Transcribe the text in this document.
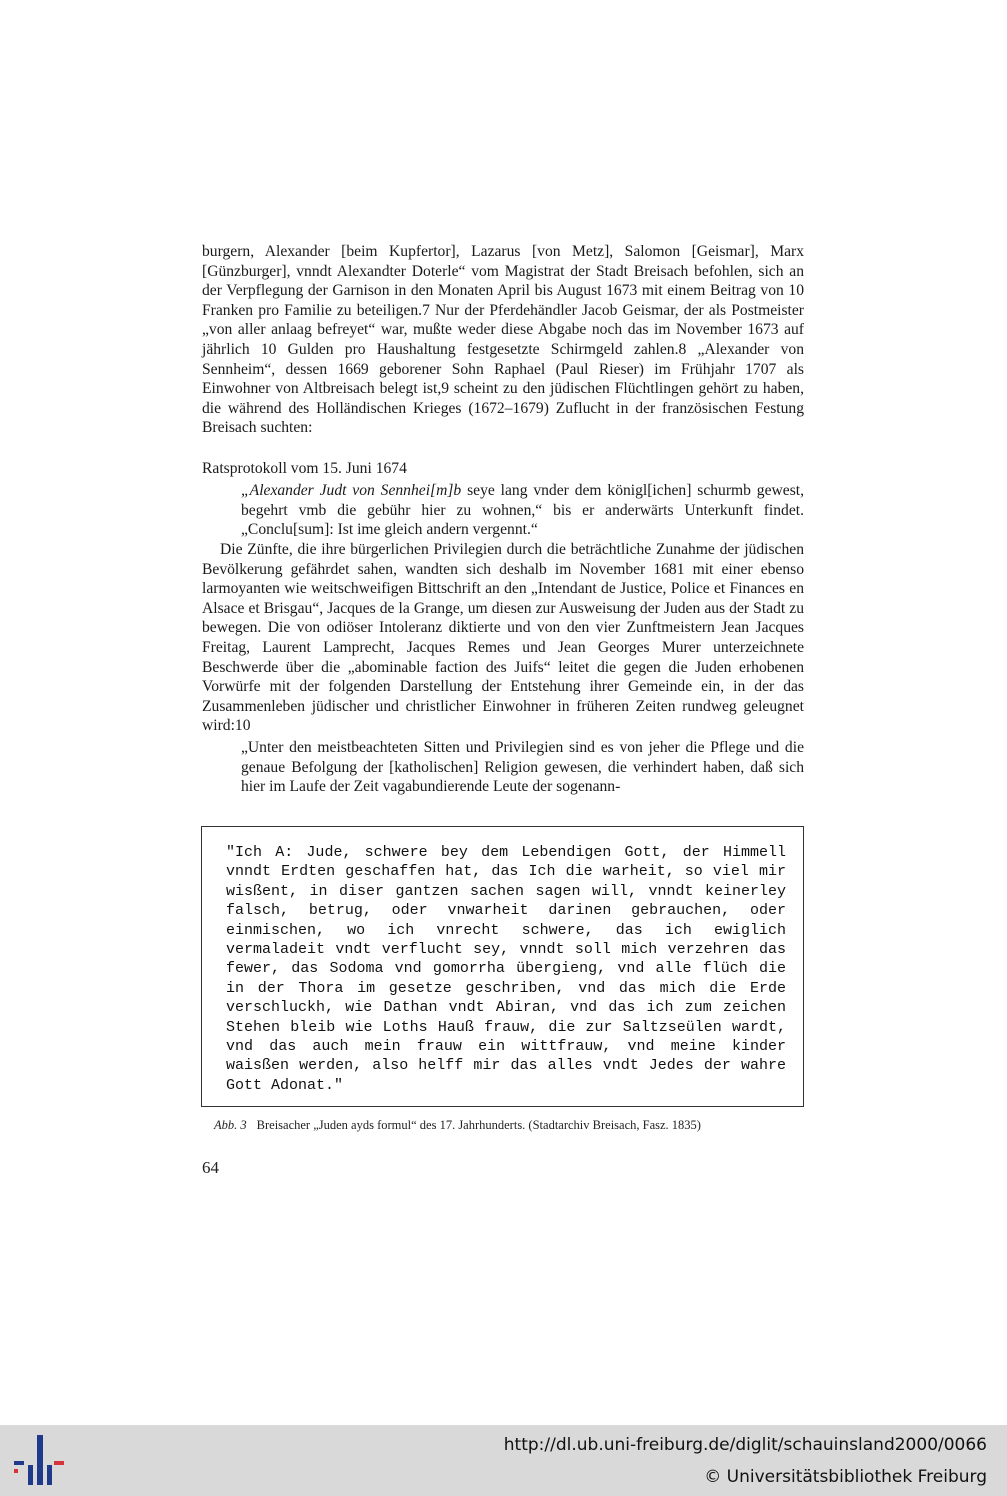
burgern, Alexander [beim Kupfertor], Lazarus [von Metz], Salomon [Geismar], Marx [Günzburger], vnndt Alexandter Doterle“ vom Magistrat der Stadt Breisach befohlen, sich an der Verpflegung der Garnison in den Monaten April bis August 1673 mit einem Beitrag von 10 Franken pro Familie zu beteiligen.7 Nur der Pferdehändler Jacob Geismar, der als Postmeister „von aller anlaag befreyet“ war, mußte weder diese Abgabe noch das im November 1673 auf jährlich 10 Gulden pro Haushaltung festgesetzte Schirmgeld zahlen.8 „Alexander von Sennheim“, dessen 1669 geborener Sohn Raphael (Paul Rieser) im Frühjahr 1707 als Einwohner von Altbreisach belegt ist,9 scheint zu den jüdischen Flüchtlingen gehört zu haben, die während des Holländischen Krieges (1672–1679) Zuflucht in der französischen Festung Breisach suchten:

Ratsprotokoll vom 15. Juni 1674
„Alexander Judt von Sennhei[m]b seye lang vnder dem königl[ichen] schurmb gewest, begehrt vmb die gebühr hier zu wohnen,“ bis er anderwärts Unterkunft findet. „Conclu[sum]: Ist ime gleich andern vergennt.“

Die Zünfte, die ihre bürgerlichen Privilegien durch die beträchtliche Zunahme der jüdischen Bevölkerung gefährdet sahen, wandten sich deshalb im November 1681 mit einer ebenso larmoyanten wie weitschweifigen Bittschrift an den „Intendant de Justice, Police et Finances en Alsace et Brisgau“, Jacques de la Grange, um diesen zur Ausweisung der Juden aus der Stadt zu bewegen. Die von odiöser Intoleranz diktierte und von den vier Zunftmeistern Jean Jacques Freitag, Laurent Lamprecht, Jacques Remes und Jean Georges Murer unterzeichnete Beschwerde über die „abominable faction des Juifs“ leitet die gegen die Juden erhobenen Vorwürfe mit der folgenden Darstellung der Entstehung ihrer Gemeinde ein, in der das Zusammenleben jüdischer und christlicher Einwohner in früheren Zeiten rundweg geleugnet wird:10

„Unter den meistbeachteten Sitten und Privilegien sind es von jeher die Pflege und die genaue Befolgung der [katholischen] Religion gewesen, die verhindert haben, daß sich hier im Laufe der Zeit vagabundierende Leute der sogenann-
"Ich A: Jude, schwere bey dem Lebendigen Gott, der Himmell vnndt Erdten geschaffen hat, das Ich die warheit, so viel mir wisßent, in diser gantzen sachen sagen will, vnndt keinerley falsch, betrug, oder vnwarheit darinen gebrauchen, oder einmischen, wo ich vnrecht schwere, das ich ewiglich vermaladeit vndt verflucht sey, vnndt soll mich verzehren das fewer, das Sodoma vnd gomorrha übergieng, vnd alle flüch die in der Thora im gesetze geschriben, vnd das mich die Erde verschluckh, wie Dathan vndt Abiran, vnd das ich zum zeichen Stehen bleib wie Loths Hauß frauw, die zur Saltzseülen wardt, vnd das auch mein frauw ein wittfrauw, vnd meine kinder waisßen werden, also helff mir das alles vndt Jedes der wahre Gott Adonat."
Abb. 3 Breisacher „Juden ayds formul“ des 17. Jahrhunderts. (Stadtarchiv Breisach, Fasz. 1835)
64
http://dl.ub.uni-freiburg.de/diglit/schauinsland2000/0066
© Universitätsbibliothek Freiburg
